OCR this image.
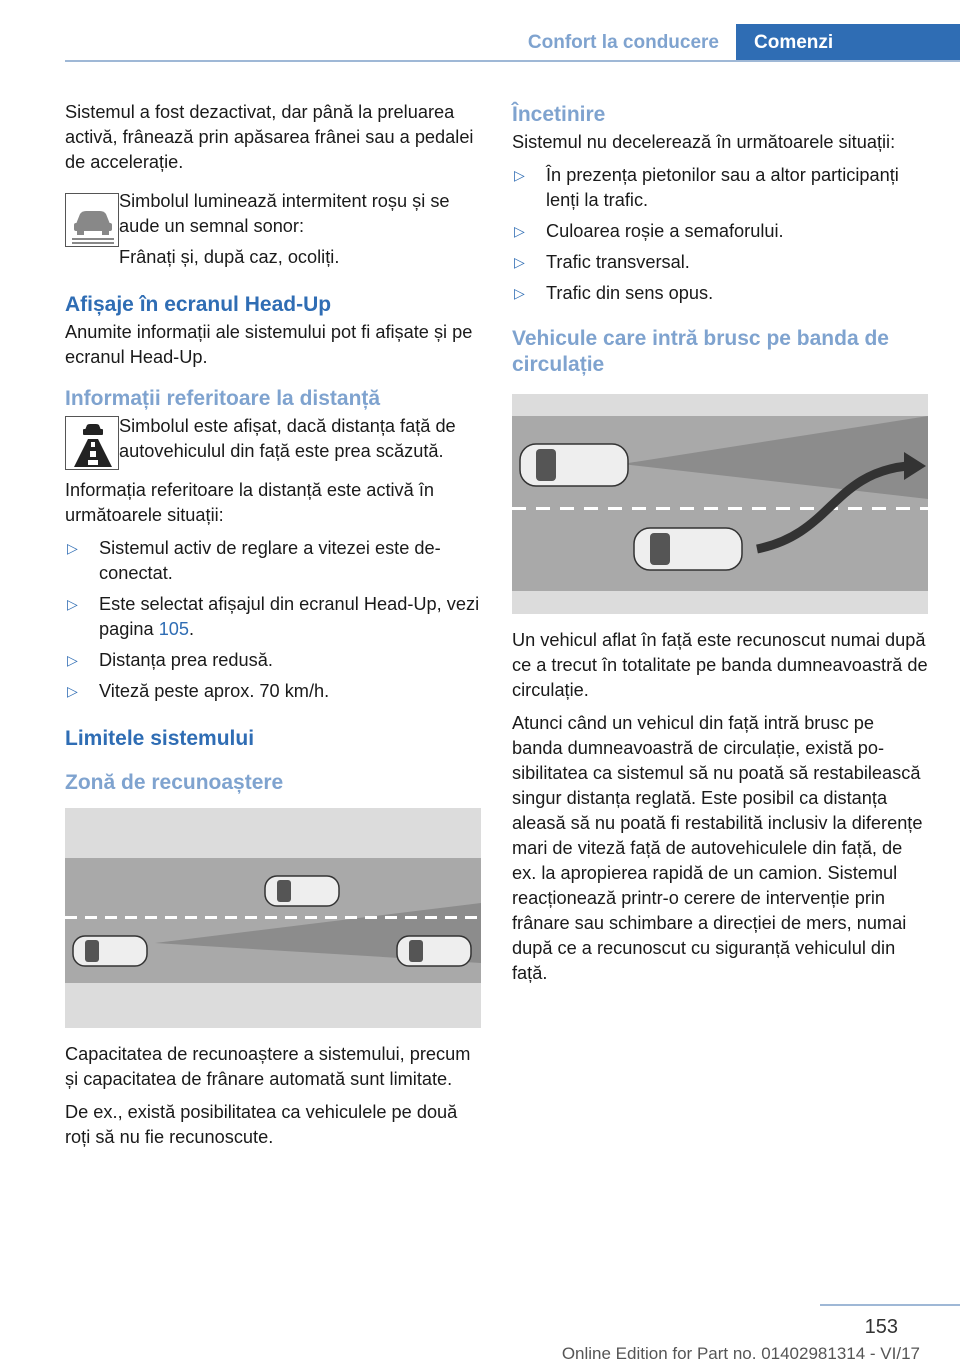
Confort la conducere	Comenzi

Sistemul a fost dezactivat, dar până la preluarea activă, frânează prin apăsarea frânei sau a pedalei de accelerație.

Simbolul luminează intermitent roșu și se aude un semnal sonor:

Frânați și, după caz, ocoliți.

Afișaje în ecranul Head-Up

Anumite informații ale sistemului pot fi afișate și pe ecranul Head-Up.

Informații referitoare la distanță

Simbolul este afișat, dacă distanța față de autovehiculul din față este prea scăzută.

Informația referitoare la distanță este activă în următoarele situații:

▷ Sistemul activ de reglare a vitezei este deconectat.
▷ Este selectat afișajul din ecranul Head-Up, vezi pagina 105.
▷ Distanța prea redusă.
▷ Viteză peste aprox. 70 km/h.
Limitele sistemului
Zonă de recunoaștere

Capacitatea de recunoaștere a sistemului, precum și capacitatea de frânare automată sunt limitate.

De ex., există posibilitatea ca vehiculele pe două roți să nu fie recunoscute.

Încetinire

Sistemul nu decelerează în următoarele situații:

▷ În prezența pietonilor sau a altor participanți lenți la trafic.
▷ Culoarea roșie a semaforului.
▷ Trafic transversal.
▷ Trafic din sens opus.
Vehicule care intră brusc pe banda de circulație

Un vehicul aflat în față este recunoscut numai după ce a trecut în totalitate pe banda dumneavoastră de circulație.

Atunci când un vehicul din față intră brusc pe banda dumneavoastră de circulație, există posibilitatea ca sistemul să nu poată să restabilească singur distanța reglată. Este posibil ca distanța aleasă să nu poată fi restabilită inclusiv la diferențe mari de viteză față de autovehiculele din față, de ex. la apropierea rapidă de un camion. Sistemul reacționează printr-o cerere de intervenție prin frânare sau schimbare a direcției de mers, numai după ce a recunoscut cu siguranță vehiculul din față.

153
Online Edition for Part no. 01402981314 - VI/17
